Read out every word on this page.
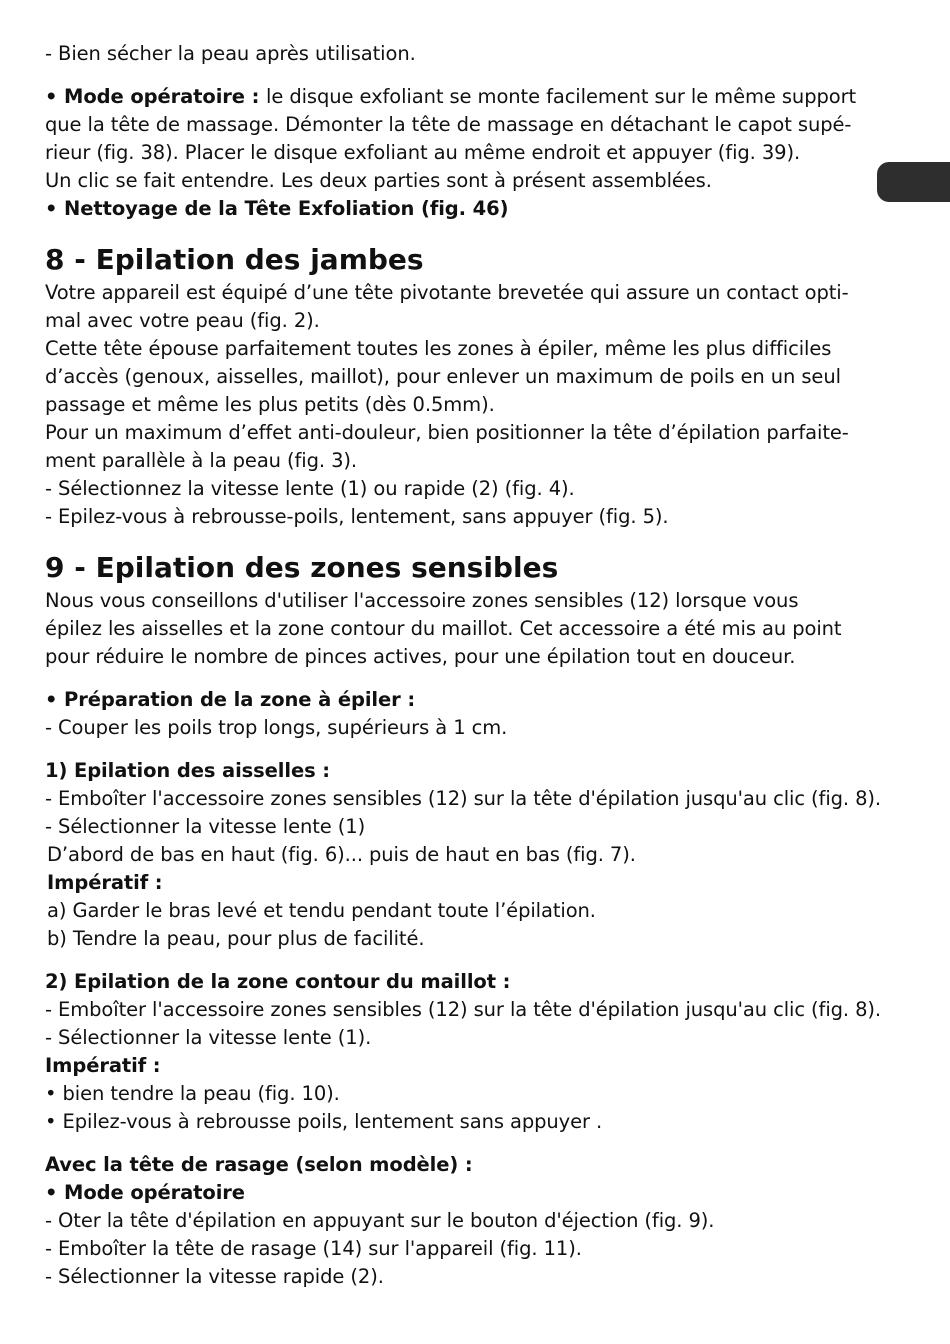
- Bien sécher la peau après utilisation.
• Mode opératoire : le disque exfoliant se monte facilement sur le même support
que la tête de massage. Démonter la tête de massage en détachant le capot supé-
rieur (fig. 38). Placer le disque exfoliant au même endroit et appuyer (fig. 39).
Un clic se fait entendre. Les deux parties sont à présent assemblées.
• Nettoyage de la Tête Exfoliation (fig. 46)
8 - Epilation des jambes
Votre appareil est équipé d’une tête pivotante brevetée qui assure un contact opti-
mal avec votre peau (fig. 2).
Cette tête épouse parfaitement toutes les zones à épiler, même les plus difficiles
d’accès (genoux, aisselles, maillot), pour enlever un maximum de poils en un seul
passage et même les plus petits (dès 0.5mm).
Pour un maximum d’effet anti-douleur, bien positionner la tête d’épilation parfaite-
ment parallèle à la peau (fig. 3).
- Sélectionnez la vitesse lente (1) ou rapide (2) (fig. 4).
- Epilez-vous à rebrousse-poils, lentement, sans appuyer (fig. 5).
9 - Epilation des zones sensibles
Nous vous conseillons d'utiliser l'accessoire zones sensibles (12) lorsque vous
épilez les aisselles et la zone contour du maillot. Cet accessoire a été mis au point
pour réduire le nombre de pinces actives, pour une épilation tout en douceur.
• Préparation de la zone à épiler :
- Couper les poils trop longs, supérieurs à 1 cm.
1) Epilation des aisselles :
- Emboîter l'accessoire zones sensibles (12) sur la tête d'épilation jusqu'au clic (fig. 8).
- Sélectionner la vitesse lente (1)
D’abord de bas en haut (fig. 6)... puis de haut en bas (fig. 7).
Impératif :
a) Garder le bras levé et tendu pendant toute l’épilation.
b) Tendre la peau, pour plus de facilité.
2) Epilation de la zone contour du maillot :
- Emboîter l'accessoire zones sensibles (12) sur la tête d'épilation jusqu'au clic (fig. 8).
- Sélectionner la vitesse lente (1).
Impératif :
• bien tendre la peau (fig. 10).
• Epilez-vous à rebrousse poils, lentement sans appuyer .
Avec la tête de rasage (selon modèle) :
• Mode opératoire
- Oter la tête d'épilation en appuyant sur le bouton d'éjection (fig. 9).
- Emboîter la tête de rasage (14) sur l'appareil (fig. 11).
- Sélectionner la vitesse rapide (2).
